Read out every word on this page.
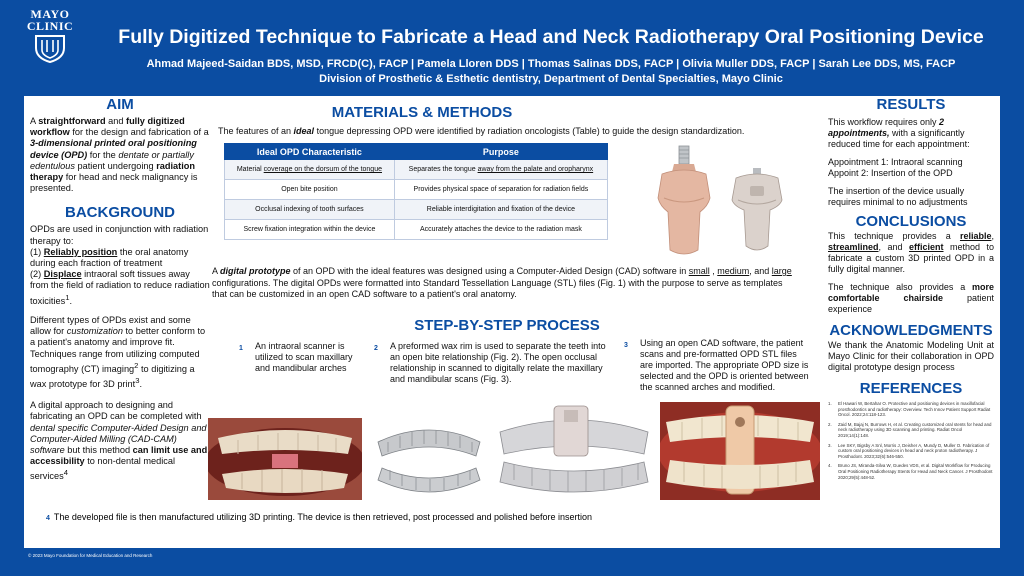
MAYO
CLINIC	Fully Digitized Technique to Fabricate a Head and Neck Radiotherapy Oral Positioning Device
Ahmad Majeed-Saidan BDS, MSD, FRCD(C), FACP | Pamela Lloren DDS | Thomas Salinas DDS, FACP | Olivia Muller DDS, FACP | Sarah Lee DDS, MS, FACP
Division of Prosthetic & Esthetic dentistry, Department of Dental Specialties, Mayo Clinic
AIM

A straightforward and fully digitized workflow for the design and fabrication of a 3-dimensional printed oral positioning device (OPD) for the dentate or partially edentulous patient undergoing radiation therapy for head and neck malignancy is presented.

BACKGROUND

OPDs are used in conjunction with radiation therapy to:
(1) Reliably position the oral anatomy during each fraction of treatment
(2) Displace intraoral soft tissues away from the field of radiation to reduce radiation toxicities$^1$.

Different types of OPDs exist and some allow for customization to better conform to a patient's anatomy and improve fit. Techniques range from utilizing computed tomography (CT) imaging$^2$ to digitizing a wax prototype for 3D print$^3$.

A digital approach to designing and fabricating an OPD can be completed with dental specific Computer-Aided Design and Computer-Aided Milling (CAD-CAM) software but this method can limit use and accessibility to non-dental medical services$^4$

MATERIALS & METHODS
The features of an ideal tongue depressing OPD were identified by radiation oncologists (Table) to guide the design standardization.
Ideal OPD Characteristic	Purpose
Material coverage on the dorsum of the tongue	Separates the tongue away from the palate and oropharynx
Open bite position	Provides physical space of separation for radiation fields
Occlusal indexing of tooth surfaces	Reliable interdigitation and fixation of the device
Screw fixation integration within the device	Accurately attaches the device to the radiation mask
A digital prototype of an OPD with the ideal features was designed using a Computer-Aided Design (CAD) software in small , medium, and large configurations. The digital OPDs were formatted into Standard Tessellation Language (STL) files (Fig. 1) with the purpose to serve as templates that can be customized in an open CAD software to a patient's oral anatomy.
STEP-BY-STEP PROCESS
1 An intraoral scanner is utilized to scan maxillary and mandibular arches
2 A preformed wax rim is used to separate the teeth into an open bite relationship (Fig. 2). The open occlusal relationship in scanned to digitally relate the maxillary and mandibular scans (Fig. 3).
3 Using an open CAD software, the patient scans and pre-formatted OPD STL files are imported. The appropriate OPD size is selected and the OPD is oriented between the scanned arches and modified.
4 The developed file is then manufactured utilizing 3D printing. The device is then retrieved, post processed and polished before insertion
RESULTS

This workflow requires only 2 appointments, with a significantly reduced time for each appointment:

Appointment 1: Intraoral scanning
Appoint 2: Insertion of the OPD

The insertion of the device usually requires minimal to no adjustments

CONCLUSIONS

This technique provides a reliable, streamlined, and efficient method to fabricate a custom 3D printed OPD in a fully digital manner.

The technique also provides a more comfortable chairside patient experience

ACKNOWLEDGMENTS

We thank the Anatomic Modeling Unit at Mayo Clinic for their collaboration in OPD digital prototype design process

REFERENCES
1.	El Hawari W, Bertahar O. Protective and positioning devices in maxillofacial prosthodontics and radiotherapy: Overview. Tech Innov Patient Support Radiat Oncol. 2022;24:118-123.
2.	Zaid M, Bajaj N, Burrows H, et al. Creating customized oral stents for head and neck radiotherapy using 3D scanning and printing. Radiat Oncol 2019;14(1):148.
3.	Lee SKY, Bigsby A Snl, Morris J, Deisher A, Mundy D, Muller O. Fabrication of custom oral positioning devices in head and neck proton radiotherapy. J Prosthodont. 2023;32(6):546-550.
4.	Bruno JS, Miranda-Silva W, Guedes VDS, et al. Digital Workflow for Producing Oral Positioning Radiotherapy Stents for Head and Neck Cancer. J Prosthodont 2020;29(5):448-52.
© 2023 Mayo Foundation for Medical Education and Research
